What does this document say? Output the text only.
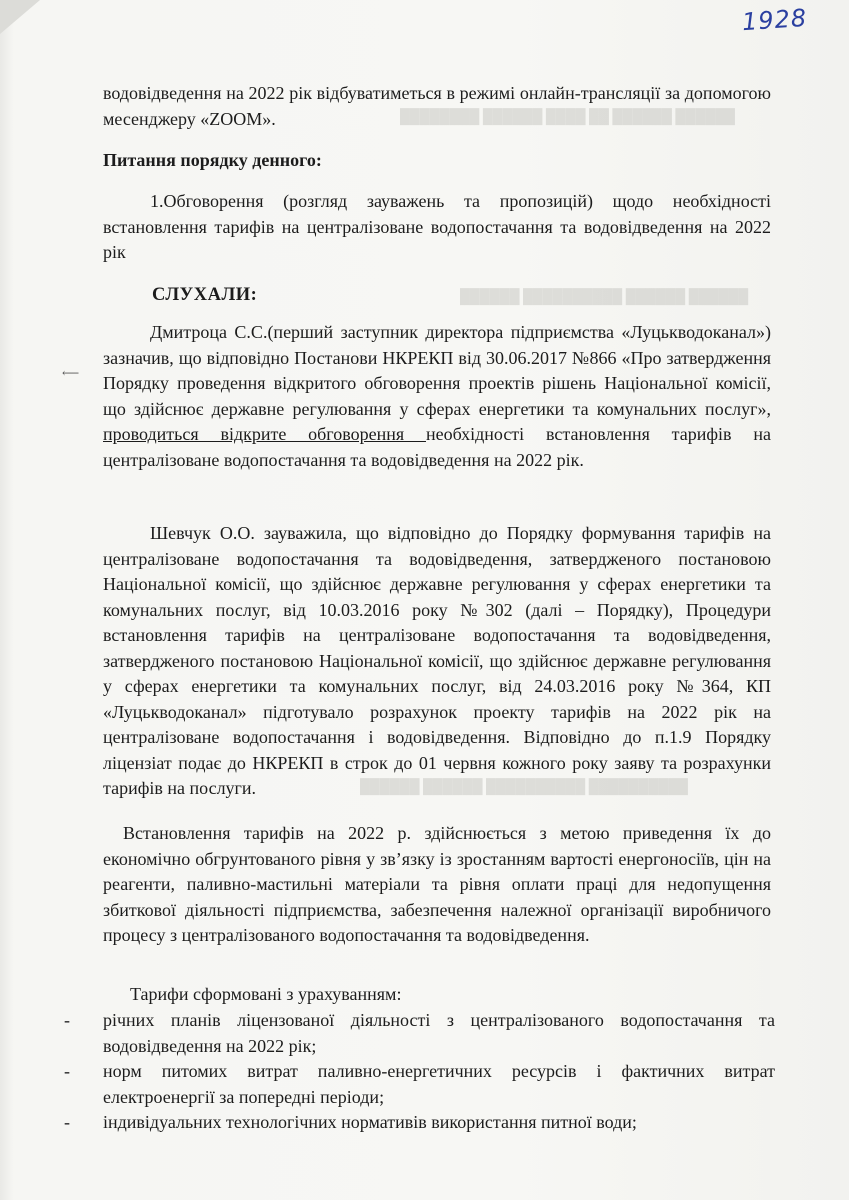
1928
████████ ██████ ████ ██ ██████ ██████
██████ ██████████ ██████ ██████
██████ ██████ ██████████ ██████████

водовідведення на 2022 рік відбуватиметься в режимі онлайн-трансляції за допомогою месенджеру «ZOOM».

Питання порядку денного:

1.Обговорення (розгляд зауважень та пропозицій) щодо необхідності встановлення тарифів на централізоване водопостачання та водовідведення на 2022 рік

СЛУХАЛИ:
⟵

Дмитроца С.С.(перший заступник директора підприємства «Луцькводоканал») зазначив, що відповідно Постанови НКРЕКП від 30.06.2017 №866 «Про затвердження Порядку проведення відкритого обговорення проектів рішень Національної комісії, що здійснює державне регулювання у сферах енергетики та комунальних послуг», проводиться відкрите обговорення необхідності встановлення тарифів на централізоване водопостачання та водовідведення на 2022 рік.

Шевчук О.О. зауважила, що відповідно до Порядку формування тарифів на централізоване водопостачання та водовідведення, затвердженого постановою Національної комісії, що здійснює державне регулювання у сферах енергетики та комунальних послуг, від 10.03.2016 року №302 (далі – Порядку), Процедури встановлення тарифів на централізоване водопостачання та водовідведення, затвердженого постановою Національної комісії, що здійснює державне регулювання у сферах енергетики та комунальних послуг, від 24.03.2016 року №364, КП «Луцькводоканал» підготувало розрахунок проекту тарифів на 2022 рік на централізоване водопостачання і водовідведення. Відповідно до п.1.9 Порядку ліцензіат подає до НКРЕКП в строк до 01 червня кожного року заяву та розрахунки тарифів на послуги.

Встановлення тарифів на 2022 р. здійснюється з метою приведення їх до економічно обгрунтованого рівня у зв’язку із зростанням вартості енергоносіїв, цін на реагенти, паливно-мастильні матеріали та рівня оплати праці для недопущення збиткової діяльності підприємства, забезпечення належної організації виробничого процесу з централізованого водопостачання та водовідведення.

Тарифи сформовані з урахуванням:
- річних планів ліцензованої діяльності з централізованого водопостачання та водовідведення на 2022 рік;
- норм питомих витрат паливно-енергетичних ресурсів і фактичних витрат електроенергії за попередні періоди;
- індивідуальних технологічних нормативів використання питної води;
